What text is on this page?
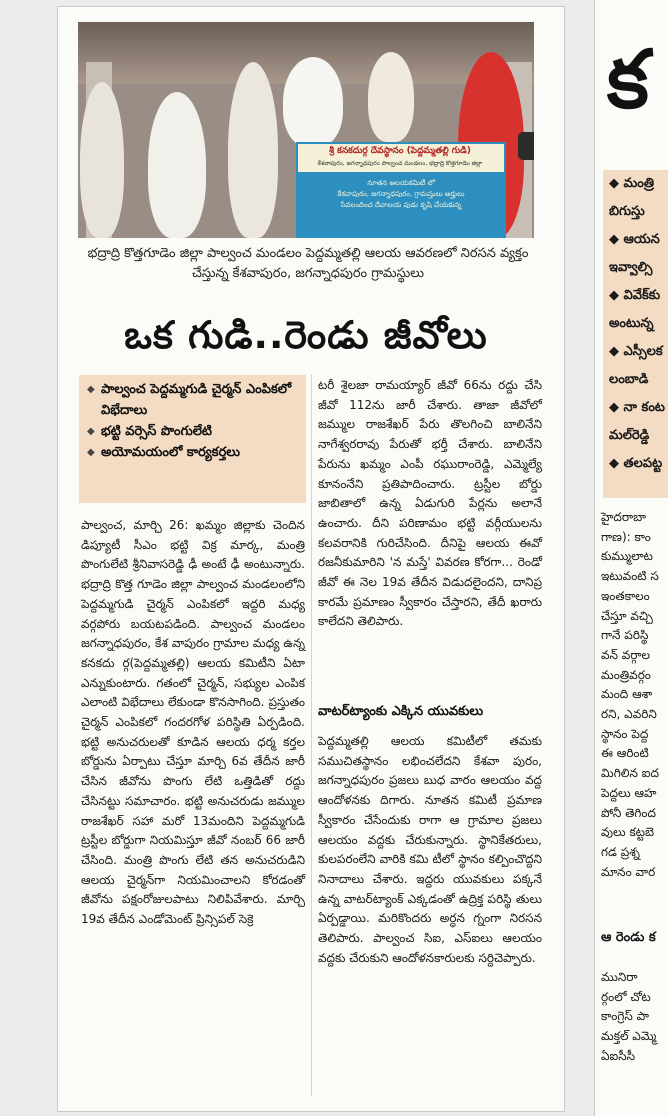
శ్రీ కనకదుర్గ దేవస్థానం (పెద్దమ్మతల్లి గుడి)
కేశవాపురం, జగన్నాధపురం పాల్వంచ మండలం, భద్రాద్రి కొత్తగూడెం జిల్లా
నూతన ఆలయకమిటీ లో
కేశవాపురం, జగన్నాధపురం, గ్రామస్తులు అర్హులు
సేవలందించ దేవాలయ పుడు కృషి చేయకున్న
భద్రాద్రి కొత్తగూడెం జిల్లా పాల్వంచ మండలం పెద్దమ్మతల్లి ఆలయ ఆవరణలో నిరసన వ్యక్తం చేస్తున్న కేశవాపురం, జగన్నాధపురం గ్రామస్థులు
ఒక గుడి..రెండు జీవోలు
◆ పాల్వంచ పెద్దమ్మగుడి చైర్మన్ ఎంపికలో విభేదాలు
◆ భట్టి వర్సెస్ పొంగులేటి
◆ అయోమయంలో కార్యకర్తలు

పాల్వంచ, మార్చి 26: ఖమ్మం జిల్లాకు చెందిన డిప్యూటీ సీఎం భట్టి విక్ర మార్క, మంత్రి పొంగులేటి శ్రీనివాసరెడ్డి ఢీ అంటే ఢీ అంటున్నారు. భద్రాద్రి కొత్త గూడెం జిల్లా పాల్వంచ మండలంలోని పెద్దమ్మగుడి చైర్మన్ ఎంపికలో ఇద్దరి మధ్య వర్గపోరు బయటపడింది. పాల్వంచ మండలం జగన్నాధపురం, కేశ వాపురం గ్రామాల మధ్య ఉన్న కనకదు ర్గ(పెద్దమ్మతల్లి) ఆలయ కమిటీని ఏటా ఎన్నుకుంటారు. గతంలో చైర్మన్, సభ్యుల ఎంపిక ఎలాంటి విభేదాలు లేకుండా కొనసాగింది. ప్రస్తుతం చైర్మన్ ఎంపికలో గందరగోళ పరిస్థితి ఏర్పడింది. భట్టి అనుచరులతో కూడిన ఆలయ ధర్మ కర్తల బోర్డును ఏర్పాటు చేస్తూ మార్చి 6వ తేదీన జారీ చేసిన జీవోను పొంగు లేటి ఒత్తిడితో రద్దు చేసినట్టు సమాచారం. భట్టి అనుచరుడు జమ్ముల రాజశేఖర్ సహా మరో 13మందిని పెద్దమ్మగుడి ట్రస్టీల బోర్డుగా నియమిస్తూ జీవో నంబర్ 66 జారీ చేసింది. మంత్రి పొంగు లేటి తన అనుచరుడిని ఆలయ చైర్మన్‌గా నియమించాలని కోరడంతో జీవోను పక్షంరోజులపాటు నిలిపివేశారు. మార్చి 19వ తేదీన ఎండోమెంట్ ప్రిన్సిపల్ సెక్రె

టరీ శైలజా రామయ్యార్ జీవో 66ను రద్దు చేసి జీవో 112ను జారీ చేశారు. తాజా జీవోలో జమ్ముల రాజశేఖర్ పేరు తొలగించి బాలినేని నాగేశ్వరరావు పేరుతో భర్తీ చేశారు. బాలినేని పేరును ఖమ్మం ఎంపీ రఘురాంరెడ్డి, ఎమ్మెల్యే కూనంనేని ప్రతిపాదించారు. ట్రస్టీల బోర్డు జాబితాలో ఉన్న ఏడుగురి పేర్లను అలానే ఉంచారు. దీని పరిణామం భట్టి వర్గీయులను కలవరానికి గురిచేసింది. దీనిపై ఆలయ ఈవో రజనీకుమారిని 'న మస్తే' వివరణ కోరగా... రెండో జీవో ఈ నెల 19వ తేదీన విడుదలైందని, దానిప్ర కారమే ప్రమాణం స్వీకారం చేస్తారని, తేదీ ఖరారు కాలేదని తెలిపారు.

వాటర్‌ట్యాంకు ఎక్కిన యువకులు

పెద్దమ్మతల్లి ఆలయ కమిటీలో తమకు సముచితస్థానం లభించలేదని కేశవా పురం, జగన్నాధపురం ప్రజలు బుధ వారం ఆలయం వద్ద ఆందోళనకు దిగారు. నూతన కమిటీ ప్రమాణ స్వీకారం చేసేందుకు రాగా ఆ గ్రామాల ప్రజలు ఆలయం వద్దకు చేరుకున్నారు. స్థానికేతరులు, కులపరంలేని వారికి కమి టీలో స్థానం కల్పించొద్దని నినాదాలు చేశారు. ఇద్దరు యువకులు పక్కనే ఉన్న వాటర్‌ట్యాంక్ ఎక్కడంతో ఉద్రిక్త పరిస్థి తులు ఏర్పడ్డాయి. మరికొందరు అర్ధన గ్నంగా నిరసన తెలిపారు. పాల్వంచ సిఐ, ఎస్ఐలు ఆలయం వద్దకు చేరుకుని ఆందోళనకారులకు సర్దిచెప్పారు.

క
◆ మంత్రి
బిగుస్తు
◆ ఆయన
ఇవ్వాల్సి
◆ వివేక్‌కు
అంటున్న
◆ ఎస్సీలక
లంబాడి
◆ నా కంట
మల్‌రెడ్డి
◆ తలపట్ట

హైదరాబా

గాణ): కాం

కుమ్ములాట

ఇటువంటి స

ఇంతకాలం

చేస్తూ వచ్చి

గానే పరిస్థి

వన్ వర్గాల

మంత్రివర్గం

మంది ఆశా

రని, ఎవరిని

స్థానం పెద్ద

ఈ ఆరింటి

మిగిలిన ఐద

పెద్దలు ఆహ

పోనీ తెగింద

వులు కట్టబె

గడ ప్రశ్న

మానం వార

ఆ రెండు క

మునిరా

ర్గంలో చోట

కాంగ్రెస్ పా

మక్తల్ ఎమ్మె

ఏఐసీసీ
